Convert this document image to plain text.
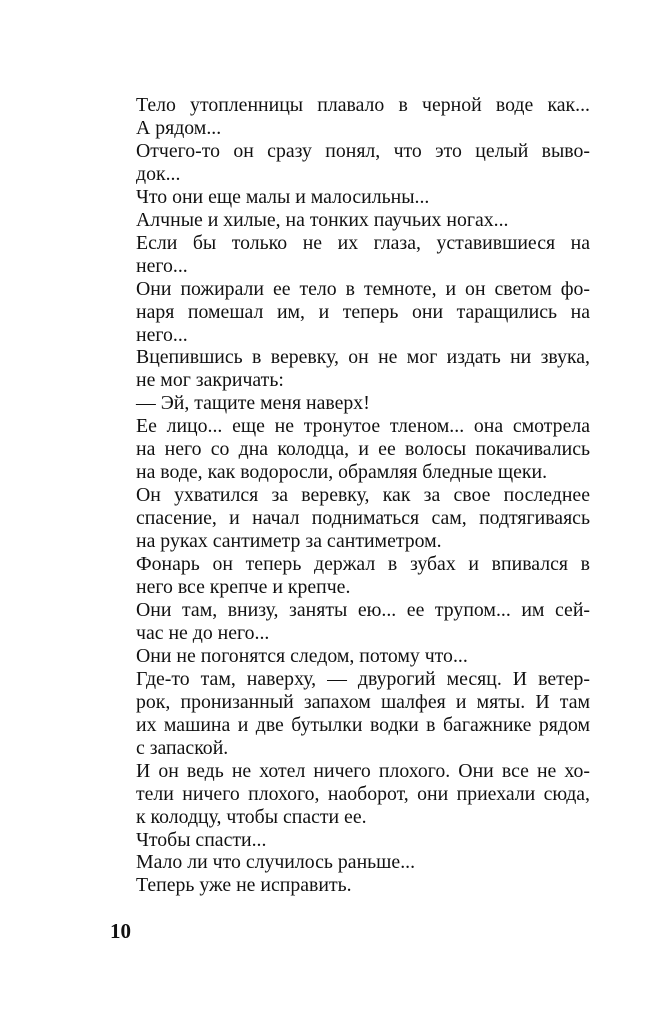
Тело утопленницы плавало в черной воде как...
А рядом...

Отчего-то он сразу понял, что это целый выво-
док...

Что они еще малы и малосильны...

Алчные и хилые, на тонких паучьих ногах...

Если бы только не их глаза, уставившиеся на
него...

Они пожирали ее тело в темноте, и он светом фо-
наря помешал им, и теперь они таращились на
него...

Вцепившись в веревку, он не мог издать ни звука,
не мог закричать:

— Эй, тащите меня наверх!

Ее лицо... еще не тронутое тленом... она смотрела
на него со дна колодца, и ее волосы покачивались
на воде, как водоросли, обрамляя бледные щеки.

Он ухватился за веревку, как за свое последнее
спасение, и начал подниматься сам, подтягиваясь
на руках сантиметр за сантиметром.

Фонарь он теперь держал в зубах и впивался в
него все крепче и крепче.

Они там, внизу, заняты ею... ее трупом... им сей-
час не до него...

Они не погонятся следом, потому что...

Где-то там, наверху, — двурогий месяц. И ветер-
рок, пронизанный запахом шалфея и мяты. И там
их машина и две бутылки водки в багажнике рядом
с запаской.

И он ведь не хотел ничего плохого. Они все не хо-
тели ничего плохого, наоборот, они приехали сюда,
к колодцу, чтобы спасти ее.

Чтобы спасти...

Мало ли что случилось раньше...

Теперь уже не исправить.

10
